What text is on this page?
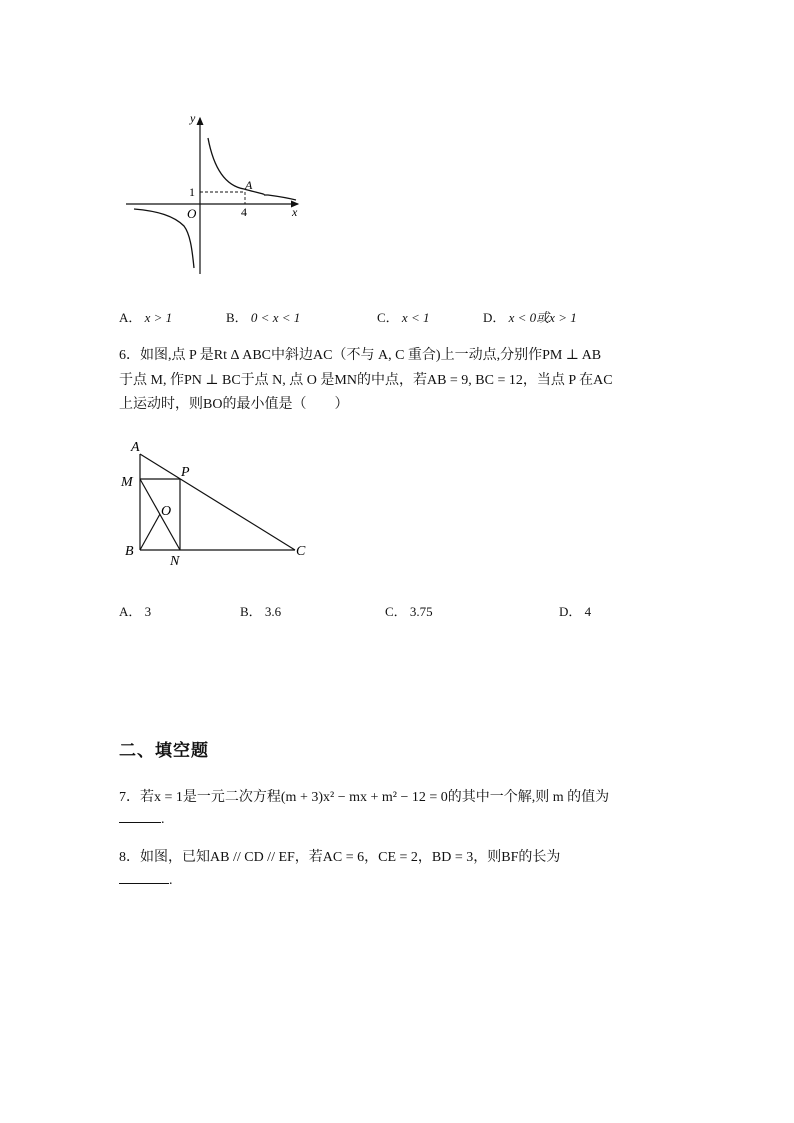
y
x
O
1
4
A
A． x > 1	B． 0 < x < 1	C． x < 1	D． x < 0或x > 1
6．如图,点 P 是Rt Δ ABC中斜边AC（不与 A, C 重合)上一动点,分别作PM ⊥ AB
于点 M, 作PN ⊥ BC于点 N, 点 O 是MN的中点，若AB = 9, BC = 12，当点 P 在AC
上运动时，则BO的最小值是（　　）
A
M
P
O
B
N
C
A． 3	B． 3.6	C． 3.75	D． 4
二、填空题
7．若x = 1是一元二次方程(m + 3)x² − mx + m² − 12 = 0的其中一个解,则 m 的值为
.
8．如图，已知AB // CD // EF，若AC = 6，CE = 2，BD = 3，则BF的长为
.
